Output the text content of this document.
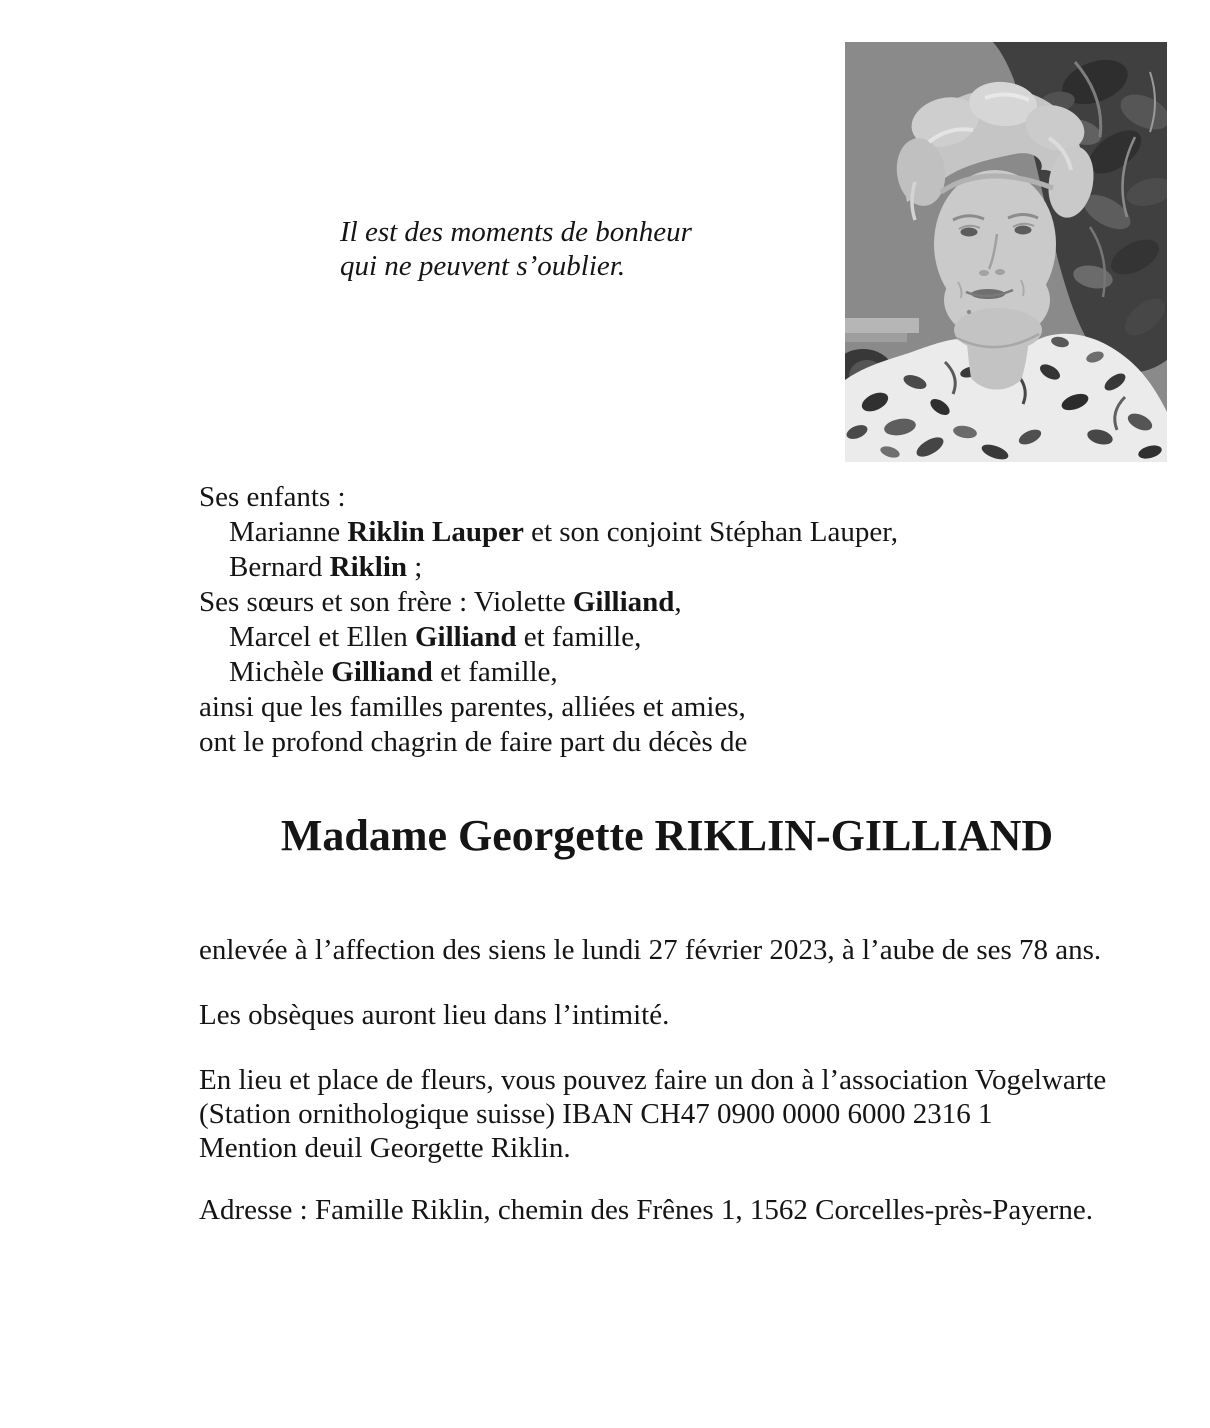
Il est des moments de bonheur
qui ne peuvent s’oublier.
Ses enfants :
Marianne Riklin Lauper et son conjoint Stéphan Lauper,
Bernard Riklin ;
Ses sœurs et son frère : Violette Gilliand,
Marcel et Ellen Gilliand et famille,
Michèle Gilliand et famille,
ainsi que les familles parentes, alliées et amies,
ont le profond chagrin de faire part du décès de
Madame Georgette RIKLIN-GILLIAND
enlevée à l’affection des siens le lundi 27 février 2023, à l’aube de ses 78 ans.
Les obsèques auront lieu dans l’intimité.
En lieu et place de fleurs, vous pouvez faire un don à l’association Vogelwarte
(Station ornithologique suisse) IBAN CH47 0900 0000 6000 2316 1
Mention deuil Georgette Riklin.
Adresse : Famille Riklin, chemin des Frênes 1, 1562 Corcelles-près-Payerne.
